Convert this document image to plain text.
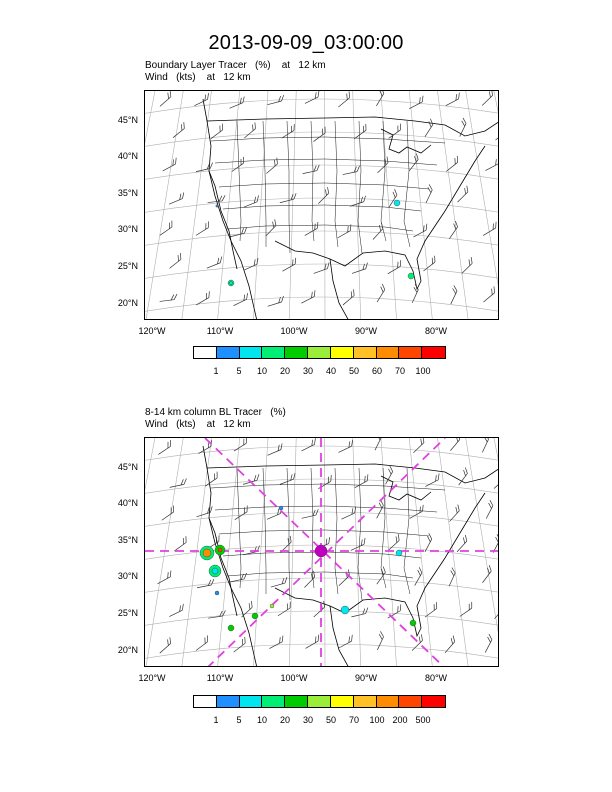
2013-09-09_03:00:00
Boundary Layer Tracer   (%)    at   12 km
Wind   (kts)    at   12 km
45°N
40°N
35°N
30°N
25°N
20°N
120°W	110°W	100°W	90°W	80°W
1	5	10	20	30	40	50	60	70	100
8-14 km column BL Tracer   (%)
Wind   (kts)    at   12 km
45°N
40°N
35°N
30°N
25°N
20°N
120°W	110°W	100°W	90°W	80°W
1	5	10	20	30	50	70	100 200 500
